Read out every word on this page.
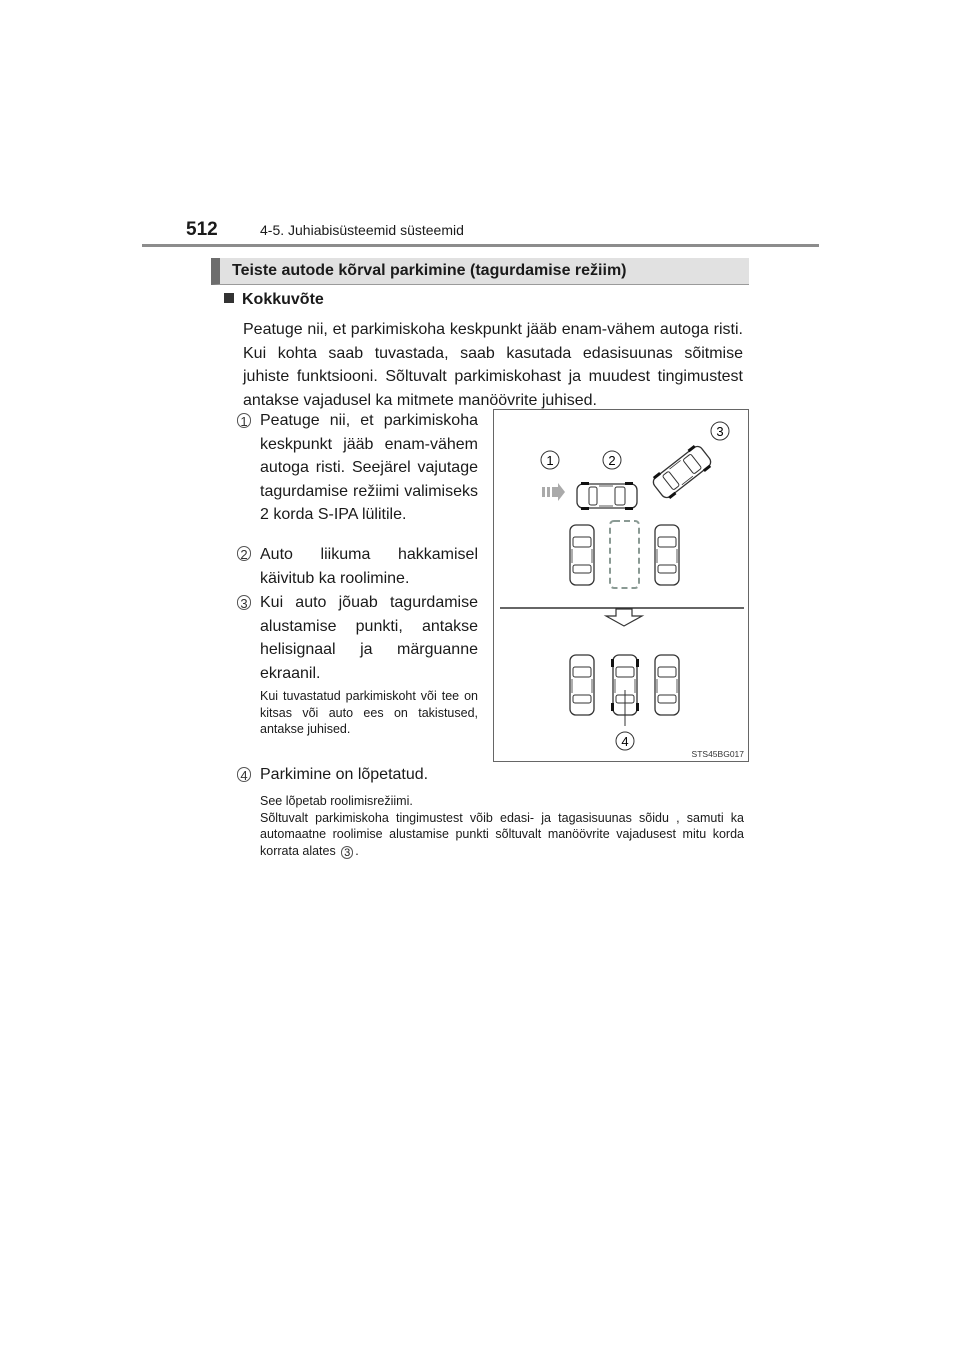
512	4-5. Juhiabisüsteemid süsteemid
Teiste autode kõrval parkimine (tagurdamise režiim)
Kokkuvõte
Peatuge nii, et parkimiskoha keskpunkt jääb enam-vähem autoga risti. Kui kohta saab tuvastada, saab kasutada edasisuunas sõitmise juhiste funktsiooni. Sõltuvalt parkimiskohast ja muudest tingimustest antakse vajadusel ka mitmete manöövrite juhised.
1 Peatuge nii, et parkimiskoha keskpunkt jääb enam-vähem autoga risti. Seejärel vajutage tagurdamise režiimi valimiseks 2 korda S-IPA lülitile.
2 Auto liikuma hakkamisel käivitub ka roolimine.
3 Kui auto jõuab tagurdamise alustamise punkti, antakse helisignaal ja märguanne ekraanil.
Kui tuvastatud parkimiskoht või tee on kitsas või auto ees on takistused, antakse juhised.
4 Parkimine on lõpetatud.
See lõpetab roolimisrežiimi.
Sõltuvalt parkimiskoha tingimustest võib edasi- ja tagasisuunas sõidu , samuti ka automaatne roolimise alustamise punkti sõltuvalt manöövrite vajadusest mitu korda korrata alates 3 .
1	2
3
4
STS45BG017
